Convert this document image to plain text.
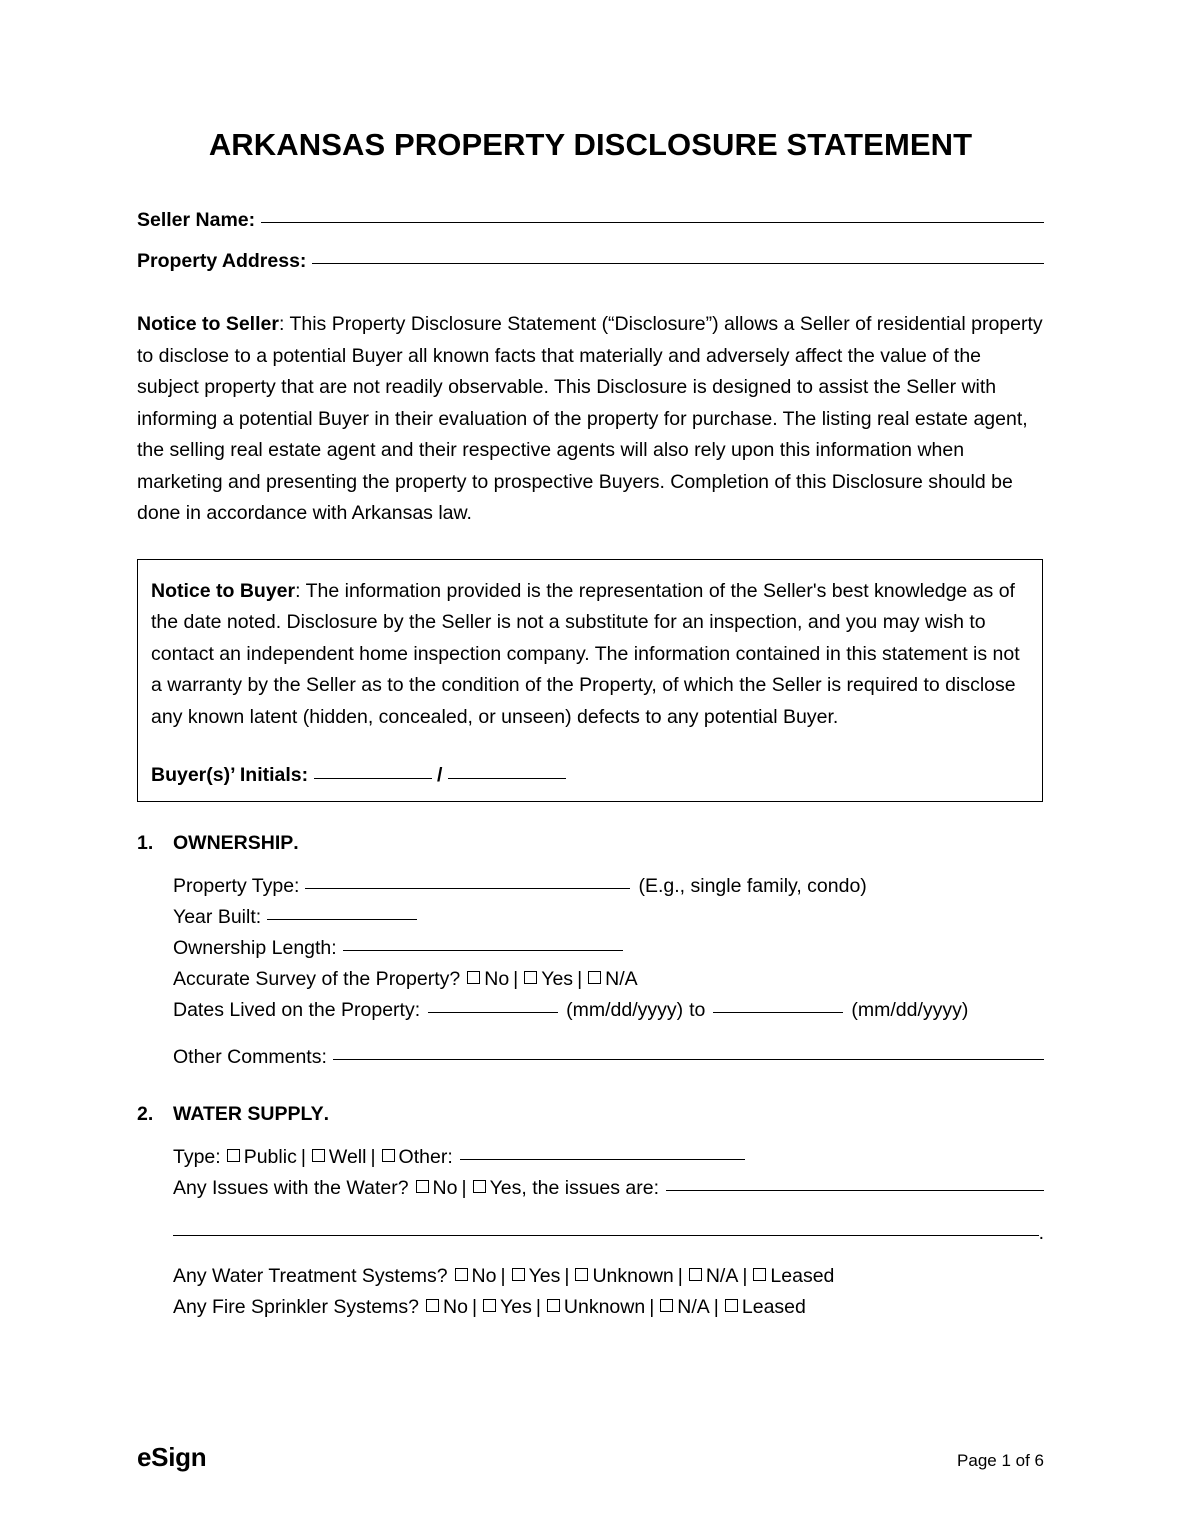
ARKANSAS PROPERTY DISCLOSURE STATEMENT
Seller Name:
Property Address:

Notice to Seller: This Property Disclosure Statement (“Disclosure”) allows a Seller of residential property to disclose to a potential Buyer all known facts that materially and adversely affect the value of the subject property that are not readily observable. This Disclosure is designed to assist the Seller with informing a potential Buyer in their evaluation of the property for purchase. The listing real estate agent, the selling real estate agent and their respective agents will also rely upon this information when marketing and presenting the property to prospective Buyers. Completion of this Disclosure should be done in accordance with Arkansas law.

Notice to Buyer: The information provided is the representation of the Seller's best knowledge as of the date noted. Disclosure by the Seller is not a substitute for an inspection, and you may wish to contact an independent home inspection company. The information contained in this statement is not a warranty by the Seller as to the condition of the Property, of which the Seller is required to disclose any known latent (hidden, concealed, or unseen) defects to any potential Buyer.

Buyer(s)’ Initials:	/
1.	OWNERSHIP .
Property Type:	(E.g., single family, condo)
Year Built:
Ownership Length:
Accurate Survey of the Property? No | Yes | N/A
Dates Lived on the Property:	(mm/dd/yyyy) to	(mm/dd/yyyy)
Other Comments:
2.	WATER SUPPLY .
Type: Public | Well | Other:
Any Issues with the Water? No | Yes, the issues are:
.
Any Water Treatment Systems? No | Yes | Unknown | N/A | Leased
Any Fire Sprinkler Systems? No | Yes | Unknown | N/A | Leased
eSign	Page 1 of 6
